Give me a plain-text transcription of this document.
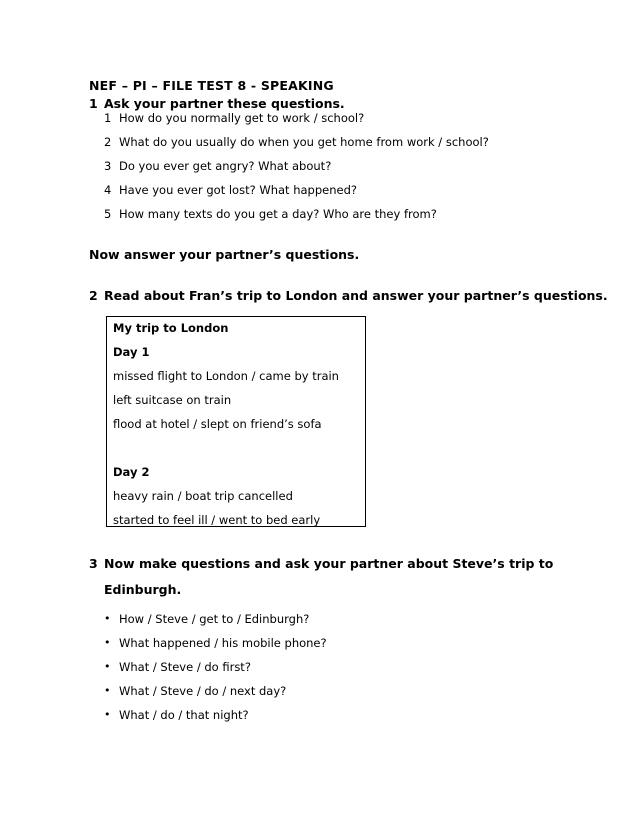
NEF – PI – FILE TEST 8 - SPEAKING
1 Ask your partner these questions.
1 How do you normally get to work / school?
2 What do you usually do when you get home from work / school?
3 Do you ever get angry? What about?
4 Have you ever got lost? What happened?
5 How many texts do you get a day? Who are they from?
Now answer your partner’s questions.
2 Read about Fran’s trip to London and answer your partner’s questions.
My trip to London
Day 1
missed flight to London / came by train
left suitcase on train
flood at hotel / slept on friend’s sofa
Day 2
heavy rain / boat trip cancelled
started to feel ill / went to bed early
3 Now make questions and ask your partner about Steve’s trip to
Edinburgh.
• How / Steve / get to / Edinburgh?
• What happened / his mobile phone?
• What / Steve / do first?
• What / Steve / do / next day?
• What / do / that night?
